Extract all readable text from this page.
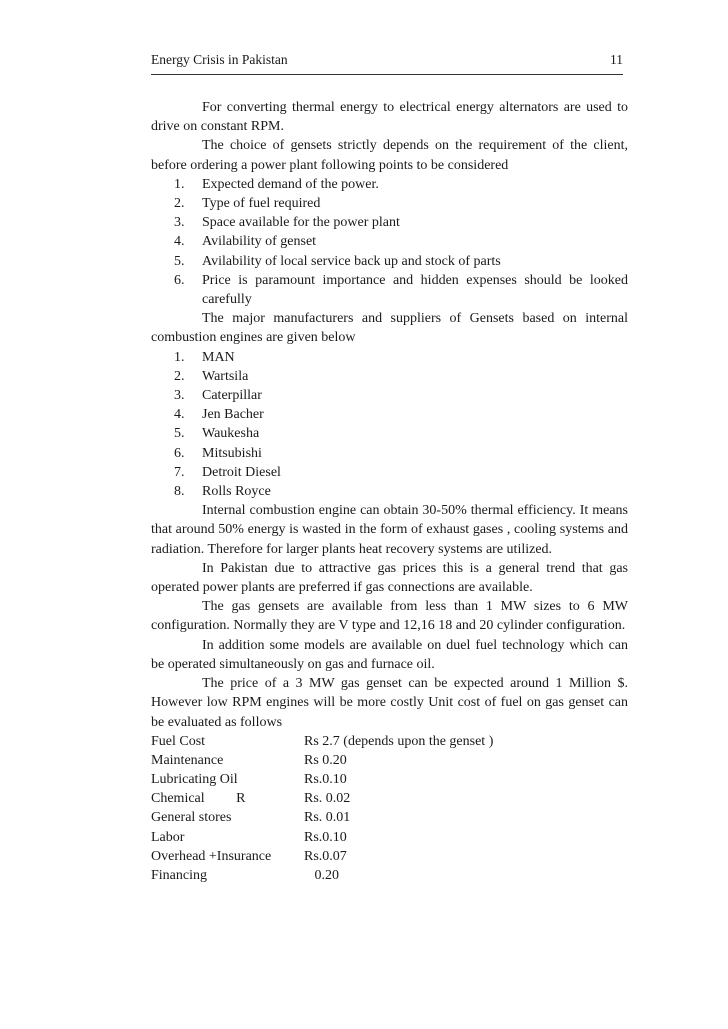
Energy Crisis in Pakistan	11

For converting thermal energy to electrical energy alternators are used to drive on constant RPM.

The choice of gensets strictly depends on the requirement of the client, before ordering a power plant following points to be considered

1. Expected demand of the power.
2. Type of fuel required
3. Space available for the power plant
4. Avilability of genset
5. Avilability of local service back up and stock of parts
6. Price is paramount importance and hidden expenses should be looked carefully

The major manufacturers and suppliers of Gensets based on internal combustion engines are given below

1. MAN
2. Wartsila
3. Caterpillar
4. Jen Bacher
5. Waukesha
6. Mitsubishi
7. Detroit Diesel
8. Rolls Royce

Internal combustion engine can obtain 30-50% thermal efficiency. It means that around 50% energy is wasted in the form of exhaust gases , cooling systems and radiation. Therefore for larger plants heat recovery systems are utilized.

In Pakistan due to attractive gas prices this is a general trend that gas operated power plants are preferred if gas connections are available.

The gas gensets are available from less than 1 MW sizes to 6 MW configuration. Normally they are V type and 12,16 18 and 20 cylinder configuration.

In addition some models are available on duel fuel technology which can be operated simultaneously on gas and furnace oil.

The price of a 3 MW gas genset can be expected around 1 Million $. However low RPM engines will be more costly Unit cost of fuel on gas genset can be evaluated as follows

Fuel Cost	Rs 2.7 (depends upon the genset )
Maintenance	Rs 0.20
Lubricating Oil	Rs.0.10
Chemical         R	Rs. 0.02
General stores	Rs. 0.01
Labor	Rs.0.10
Overhead +Insurance Rs.0.07
Financing	0.20
